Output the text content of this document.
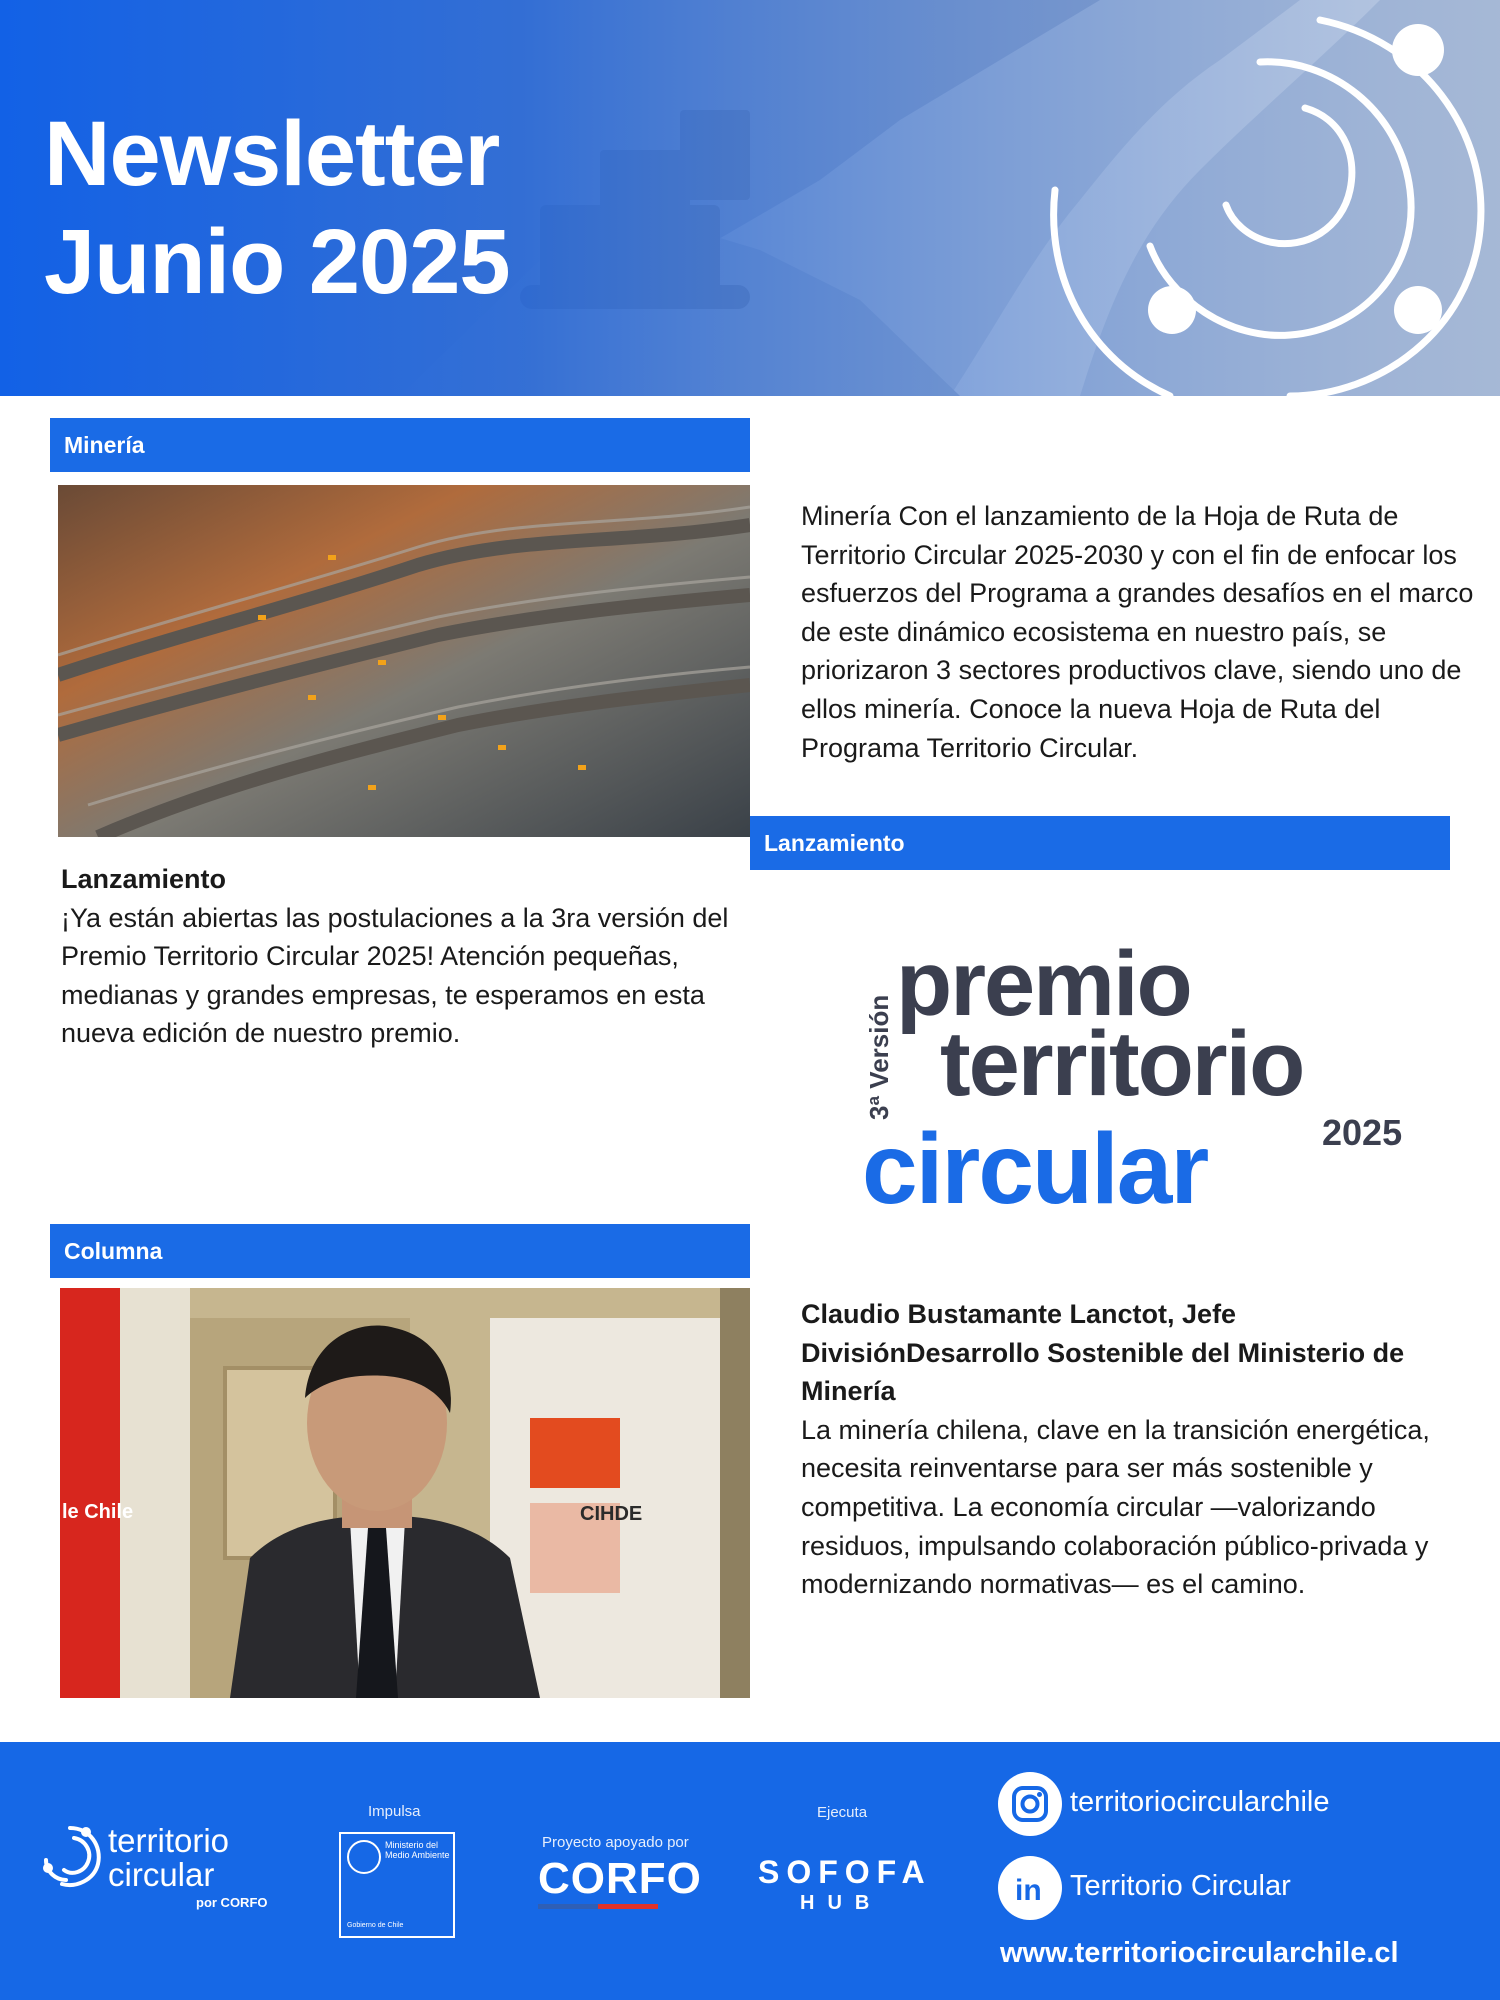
Newsletter
Junio 2025
Minería
Minería Con el lanzamiento de la Hoja de Ruta de Territorio Circular 2025-2030 y con el fin de enfocar los esfuerzos del Programa a grandes desafíos en el marco de este dinámico ecosistema en nuestro país, se priorizaron 3 sectores productivos clave, siendo uno de ellos minería. Conoce la nueva Hoja de Ruta del Programa Territorio Circular.
Lanzamiento
Lanzamiento
¡Ya están abiertas las postulaciones a la 3ra versión del Premio Territorio Circular 2025! Atención pequeñas, medianas y grandes empresas, te esperamos en esta nueva edición de nuestro premio.	3ª Versión
premio
territorio
circular	2025
Columna
CIHDE
le Chile
Claudio Bustamante Lanctot, Jefe DivisiónDesarrollo Sostenible del Ministerio de Minería
La minería chilena, clave en la transición energética, necesita reinventarse para ser más sostenible y competitiva. La economía circular —valorizando residuos, impulsando colaboración público-privada y modernizando normativas— es el camino.
territorio
circular
por CORFO
Impulsa
Ministerio del Medio Ambiente
Gobierno de Chile
Proyecto apoyado por
CORFO
Ejecuta
SOFOFA
HUB
territoriocircularchile
in Territorio Circular
www.territoriocircularchile.cl
